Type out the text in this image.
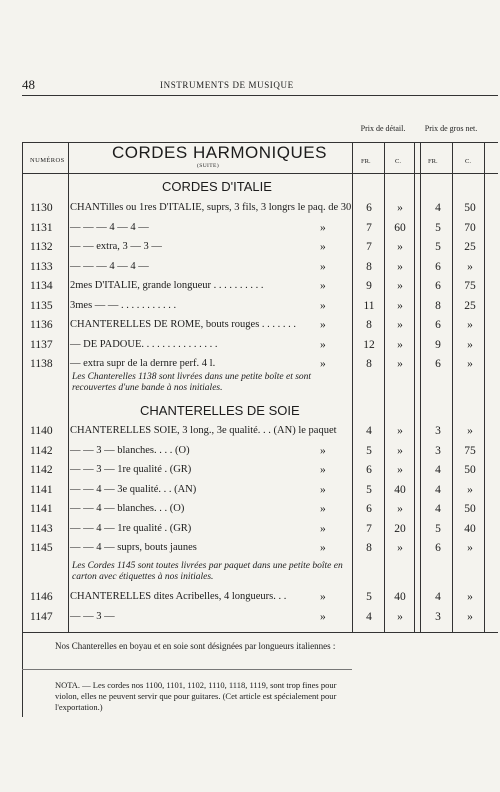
48	INSTRUMENTS DE MUSIQUE
Prix de détail.	Prix de gros net.
NUMÉROS	CORDES HARMONIQUES
(SUITE)
FR.	C.	FR.	C.
CORDES D'ITALIE
1130 CHANTilles ou 1res D'ITALIE, suprs, 3 fils, 3 longrs le paq. de 30	6	»	4	50
1131 — — — 4 — 4 —	»	7	60	5	70
1132 — — extra, 3 — 3 —	»	7	»	5	25
1133 — — — 4 — 4 —	»	8	»	6	»
1134 2mes D'ITALIE, grande longueur . . . . . . . . . .	»	9	»	6	75
1135 3mes — — . . . . . . . . . . .	»	11	»	8	25
1136 CHANTERELLES DE ROME, bouts rouges . . . . . . . »	8	»	6	»
1137 — DE PADOUE. . . . . . . . . . . . . . .	»	12	»	9	»
1138 — extra supr de la dernre perf. 4 l.	»	8	»	6	»
Les Chanterelles 1138 sont livrées dans une petite boîte et sont recouvertes d'une bande à nos initiales.
CHANTERELLES DE SOIE
1140 CHANTERELLES SOIE, 3 long., 3e qualité. . . (AN) le paquet	4	»	3	»
1142 — — 3 — blanches. . . . (O)	»	5	»	3	75
1142 — — 3 — 1re qualité . (GR)	»	6	»	4	50
1141 — — 4 — 3e qualité. . . (AN)	»	5	40	4	»
1141 — — 4 — blanches. . . (O)	»	6	»	4	50
1143 — — 4 — 1re qualité . (GR)	»	7	20	5	40
1145 — — 4 — suprs, bouts jaunes	»	8	»	6	»
Les Cordes 1145 sont toutes livrées par paquet dans une petite boîte en carton avec étiquettes à nos initiales.
1146 CHANTERELLES dites Acribelles, 4 longueurs. . .	»	5	40	4	»
1147 — — 3 —	»	4	»	3	»
Nos Chanterelles en boyau et en soie sont désignées par longueurs italiennes :
NOTA. — Les cordes nos 1100, 1101, 1102, 1110, 1118, 1119, sont trop fines pour violon, elles ne peuvent servir que pour guitares. (Cet article est spécialement pour l'exportation.)
